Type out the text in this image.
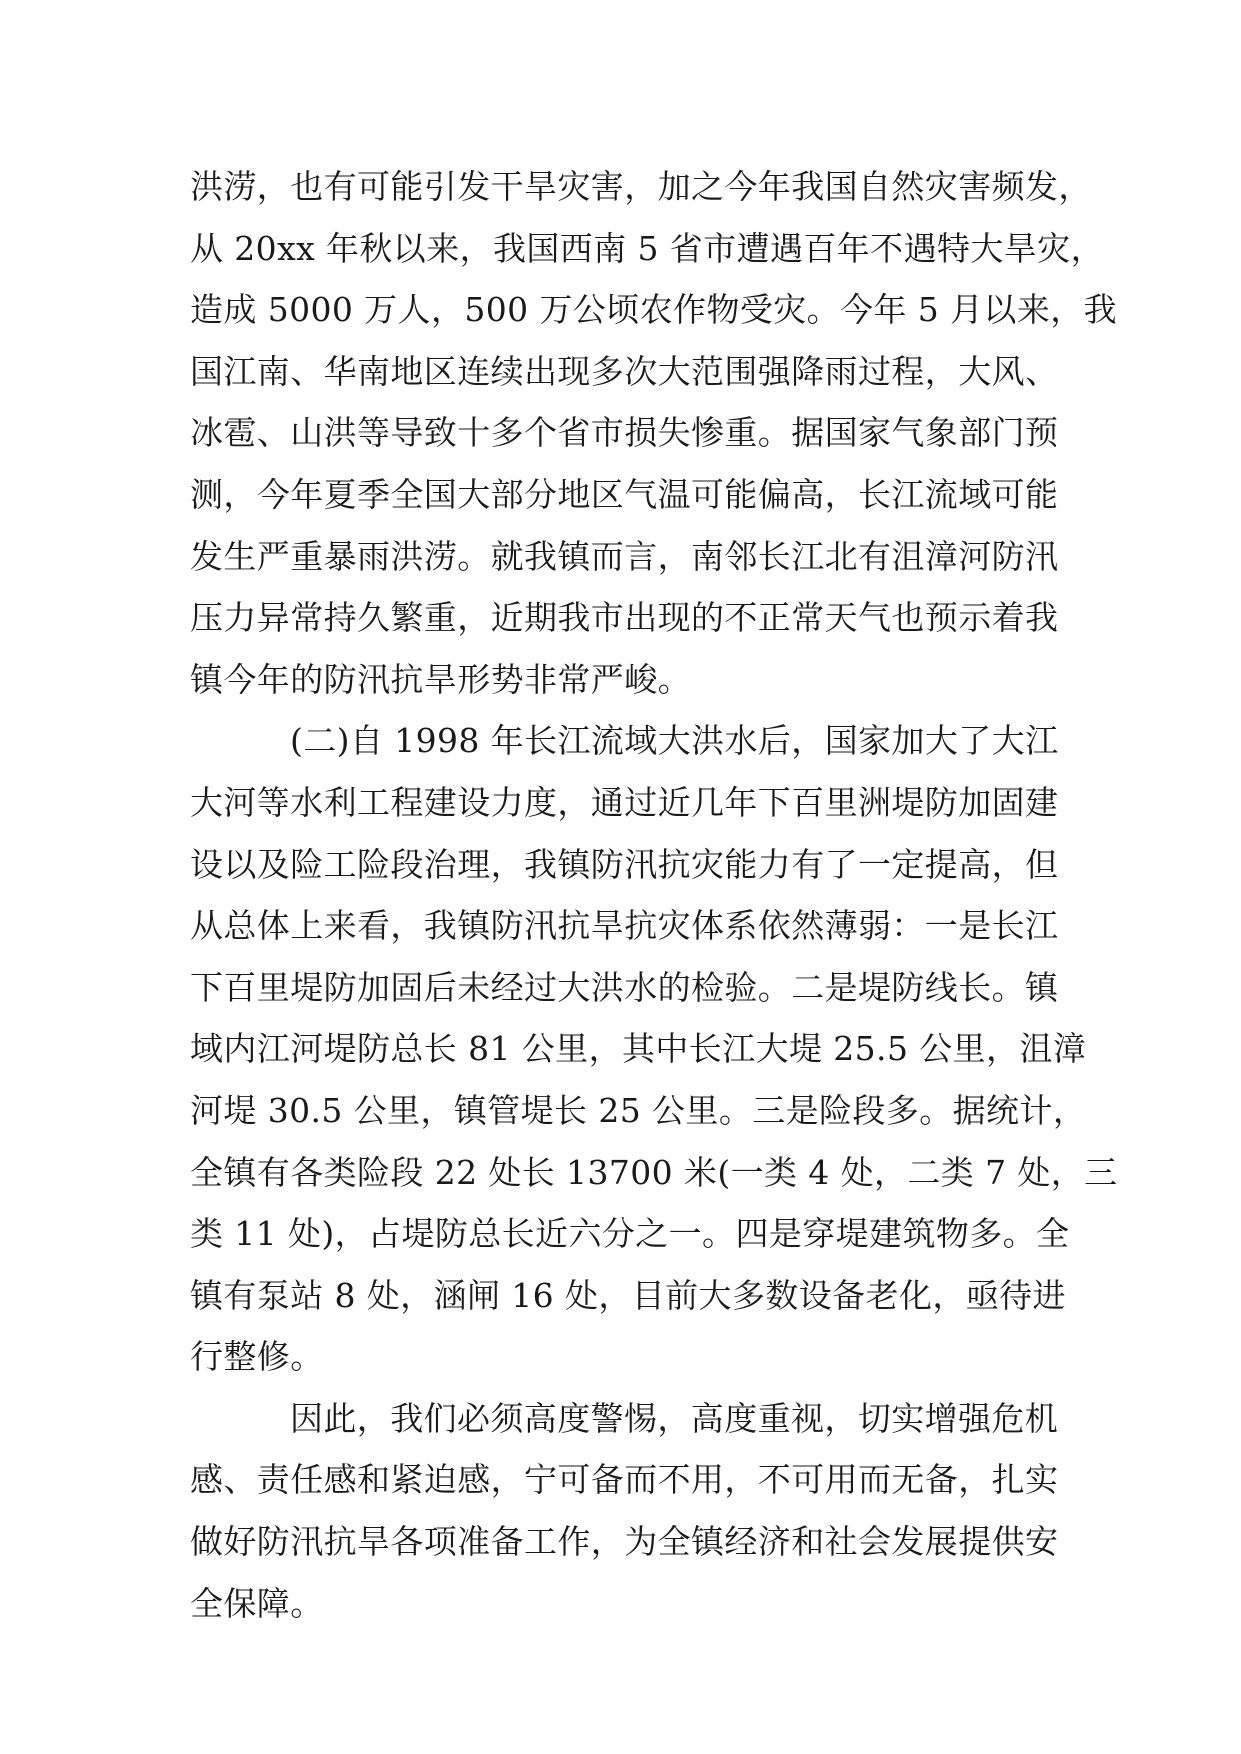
洪涝，也有可能引发干旱灾害，加之今年我国自然灾害频发，
从 20xx 年秋以来，我国西南 5 省市遭遇百年不遇特大旱灾，
造成 5000 万人，500 万公顷农作物受灾。今年 5 月以来，我
国江南、华南地区连续出现多次大范围强降雨过程，大风、
冰雹、山洪等导致十多个省市损失惨重。据国家气象部门预
测，今年夏季全国大部分地区气温可能偏高，长江流域可能
发生严重暴雨洪涝。就我镇而言，南邻长江北有沮漳河防汛
压力异常持久繁重，近期我市出现的不正常天气也预示着我
镇今年的防汛抗旱形势非常严峻。
(二)自 1998 年长江流域大洪水后，国家加大了大江
大河等水利工程建设力度，通过近几年下百里洲堤防加固建
设以及险工险段治理，我镇防汛抗灾能力有了一定提高，但
从总体上来看，我镇防汛抗旱抗灾体系依然薄弱：一是长江
下百里堤防加固后未经过大洪水的检验。二是堤防线长。镇
域内江河堤防总长 81 公里，其中长江大堤 25.5 公里，沮漳
河堤 30.5 公里，镇管堤长 25 公里。三是险段多。据统计，
全镇有各类险段 22 处长 13700 米(一类 4 处，二类 7 处，三
类 11 处)，占堤防总长近六分之一。四是穿堤建筑物多。全
镇有泵站 8 处，涵闸 16 处，目前大多数设备老化，亟待进
行整修。
因此，我们必须高度警惕，高度重视，切实增强危机
感、责任感和紧迫感，宁可备而不用，不可用而无备，扎实
做好防汛抗旱各项准备工作，为全镇经济和社会发展提供安
全保障。
